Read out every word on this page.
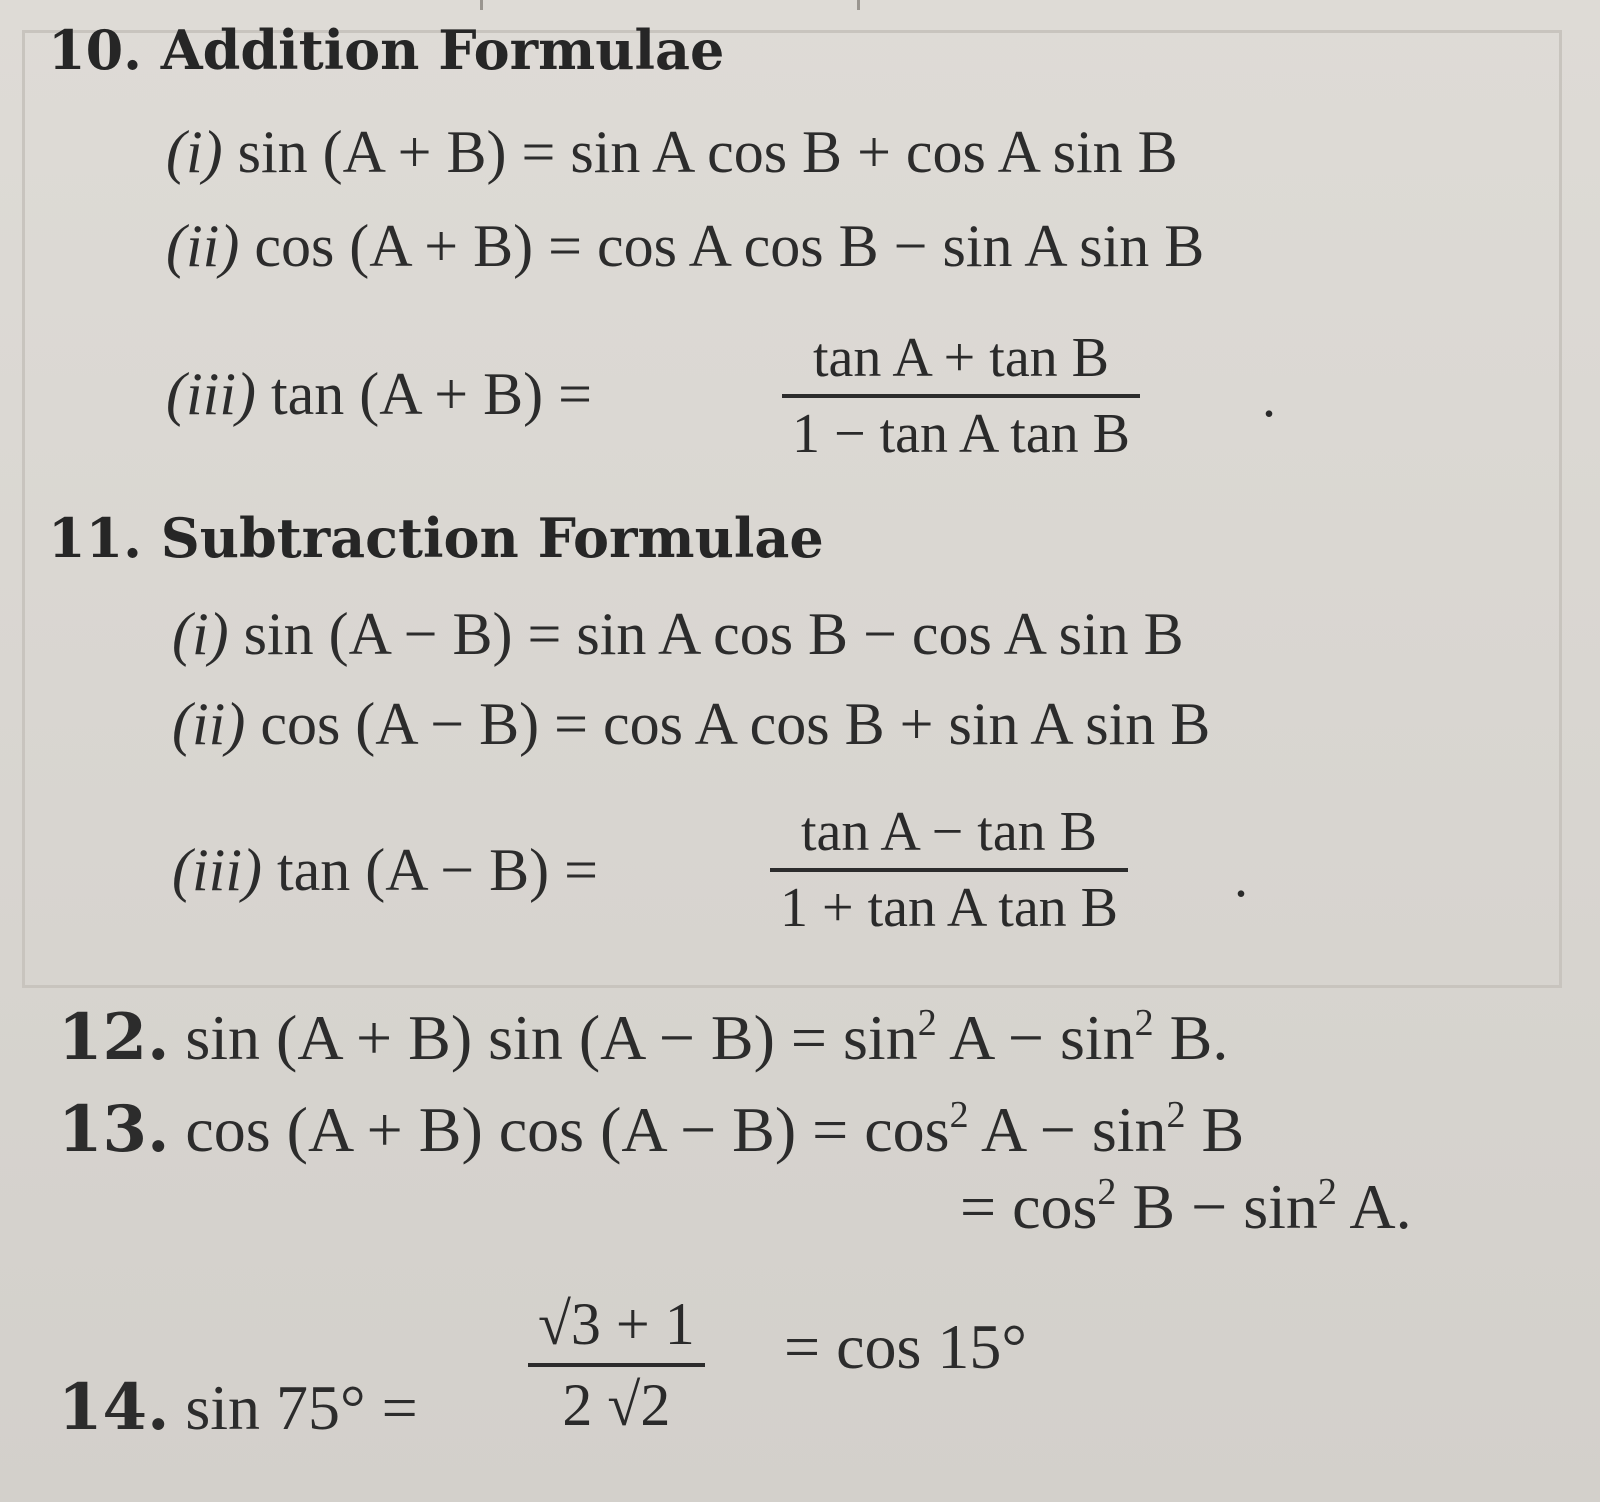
10. Addition Formulae
(i) sin (A + B) = sin A cos B + cos A sin B
(ii) cos (A + B) = cos A cos B − sin A sin B
(iii) tan (A + B) =
tan A + tan B
1 − tan A tan B
.
11. Subtraction Formulae
(i) sin (A − B) = sin A cos B − cos A sin B
(ii) cos (A − B) = cos A cos B + sin A sin B
(iii) tan (A − B) =
tan A − tan B
1 + tan A tan B .
12. sin (A + B) $\sin (A - B) = \sin^2 A - \sin^2 B$.
13. cos (A + B) $\cos (A - B) = \cos^2 A - \sin^2 B$
= $\cos^2 B - \sin^2 A$.
14. sin 75° =
√3 + 1
2 √2
= cos 15°
